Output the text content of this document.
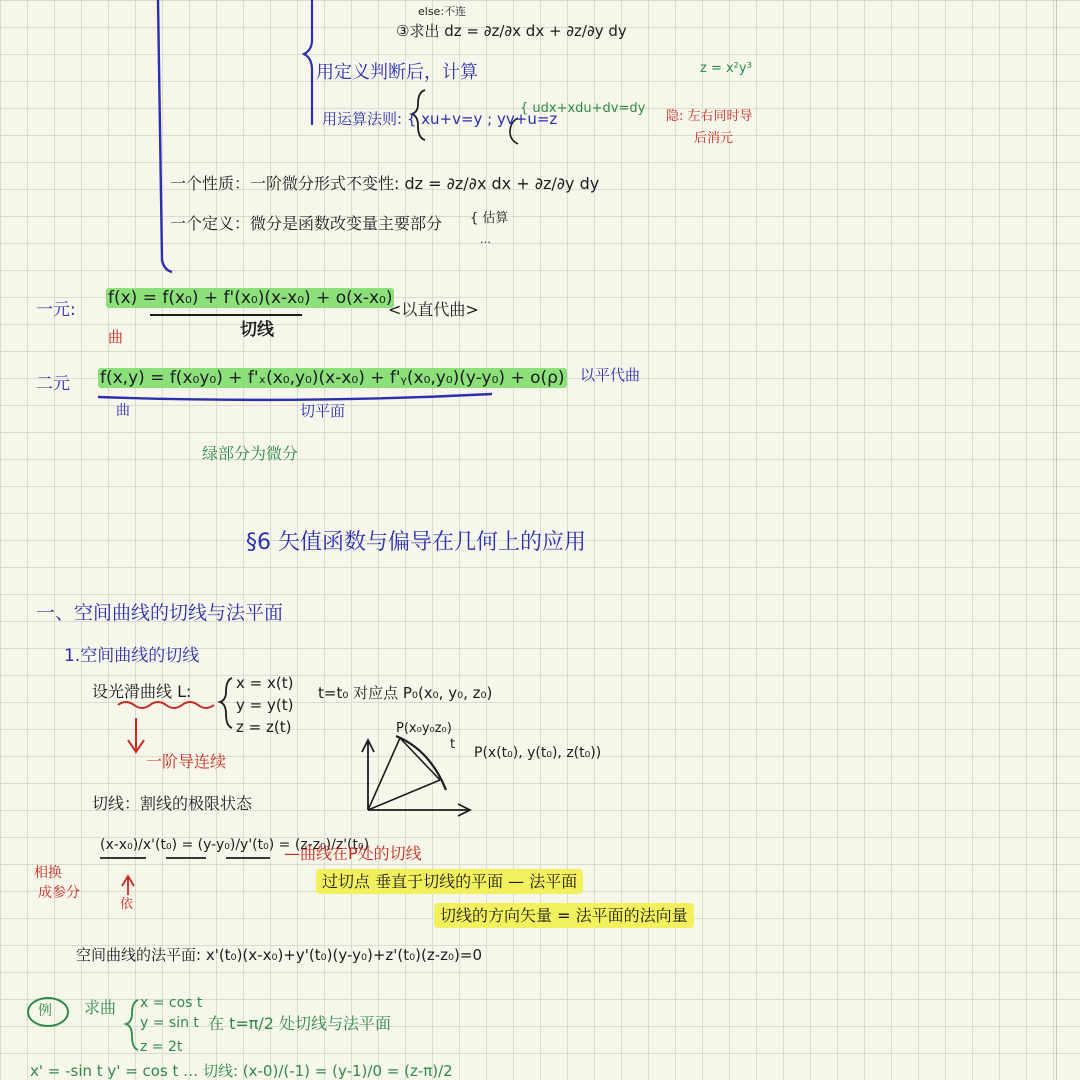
else:不连
③求出 dz = ∂z/∂x dx + ∂z/∂y dy
用定义判断后，计算	z = x²y³
用运算法则: { xu+v=y ; yv+u=z
{ udx+xdu+dv=dy
隐: 左右同时导
后消元
一个性质：一阶微分形式不变性: dz = ∂z/∂x dx + ∂z/∂y dy
一个定义：微分是函数改变量主要部分 { 估算
…
一元:
f(x) = f(x₀) + f'(x₀)(x-x₀) + o(x-x₀)
曲	切线
<以直代曲>
二元 f(x,y) = f(x₀y₀) + f'ₓ(x₀,y₀)(x-x₀) + f'ᵧ(x₀,y₀)(y-y₀) + o(ρ)
曲	切平面
以平代曲
绿部分为微分
§6 矢值函数与偏导在几何上的应用
一、空间曲线的切线与法平面
1.空间曲线的切线
设光滑曲线 L:	x = x(t)
y = y(t)
z = z(t)
t=t₀ 对应点 P₀(x₀, y₀, z₀)
一阶导连续
P(x₀y₀z₀)
t
P(x(t₀), y(t₀), z(t₀))
切线：割线的极限状态
(x-x₀)/x'(t₀) = (y-y₀)/y'(t₀) = (z-z₀)/z'(t₀)
—曲线在P处的切线
相换
成参分
依
过切点 垂直于切线的平面 — 法平面
切线的方向矢量 = 法平面的法向量
空间曲线的法平面: x'(t₀)(x-x₀)+y'(t₀)(y-y₀)+z'(t₀)(z-z₀)=0
例 求曲 x = cos t
y = sin t
z = 2t
在 t=π/2 处切线与法平面
x' = -sin t y' = cos t … 切线: (x-0)/(-1) = (y-1)/0 = (z-π)/2
